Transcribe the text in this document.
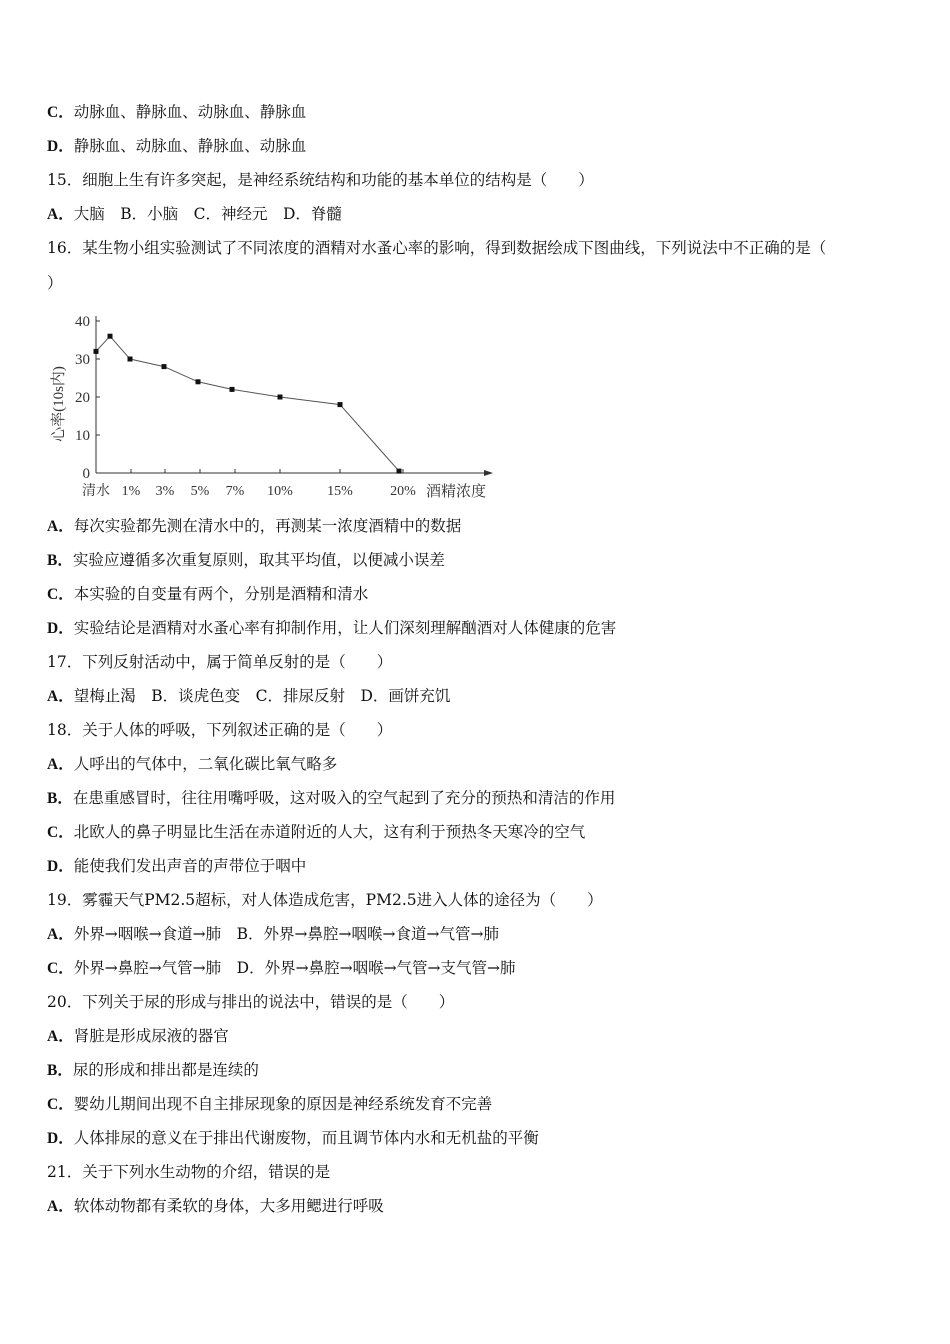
C．动脉血、静脉血、动脉血、静脉血
D．静脉血、动脉血、静脉血、动脉血
15．细胞上生有许多突起，是神经系统结构和功能的基本单位的结构是（　　）
A．大脑　B．小脑　C．神经元　D．脊髓
16．某生物小组实验测试了不同浓度的酒精对水蚤心率的影响，得到数据绘成下图曲线，下列说法中不正确的是（
）
A．每次实验都先测在清水中的，再测某一浓度酒精中的数据
B．实验应遵循多次重复原则，取其平均值，以便减小误差
C．本实验的自变量有两个，分别是酒精和清水
D．实验结论是酒精对水蚤心率有抑制作用，让人们深刻理解酗酒对人体健康的危害
17．下列反射活动中，属于简单反射的是（　　）
A．望梅止渴　B．谈虎色变　C．排尿反射　D．画饼充饥
18．关于人体的呼吸，下列叙述正确的是（　　）
A．人呼出的气体中，二氧化碳比氧气略多
B．在患重感冒时，往往用嘴呼吸，这对吸入的空气起到了充分的预热和清洁的作用
C．北欧人的鼻子明显比生活在赤道附近的人大，这有利于预热冬天寒冷的空气
D．能使我们发出声音的声带位于咽中
19．雾霾天气PM2.5超标，对人体造成危害，PM2.5进入人体的途径为（　　）
A．外界→咽喉→食道→肺　B．外界→鼻腔→咽喉→食道→气管→肺
C．外界→鼻腔→气管→肺　D．外界→鼻腔→咽喉→气管→支气管→肺
20．下列关于尿的形成与排出的说法中，错误的是（　　）
A．肾脏是形成尿液的器官
B．尿的形成和排出都是连续的
C．婴幼儿期间出现不自主排尿现象的原因是神经系统发育不完善
D．人体排尿的意义在于排出代谢废物，而且调节体内水和无机盐的平衡
21．关于下列水生动物的介绍，错误的是
A．软体动物都有柔软的身体，大多用鳃进行呼吸
0
10
20
30
40
清水 1% 3% 5% 7% 10% 15%	20% 酒精浓度
心率(10s内)
